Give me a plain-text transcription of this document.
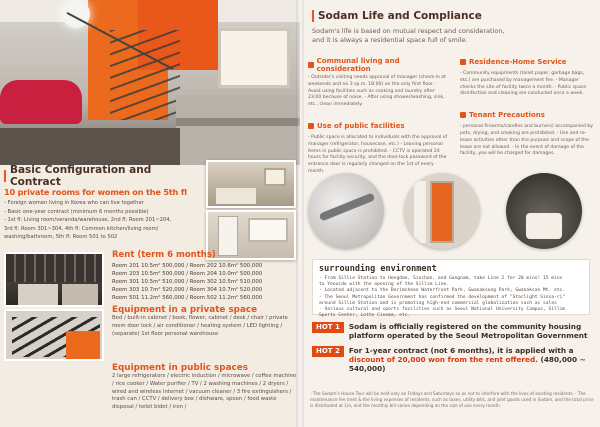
Basic Configuration and Contract
10 private rooms for women on the 5th fl
- Foreign women living in Korea who can live together
- Basic one-year contract (minimum 6 months possible)
- 1st fl: Living room/veranda/warehouse, 2nd fl: Room 201~204,
3rd fl: Room 301~304, 4th fl: Common kitchen/living room/
washing/bathroom, 5th fl: Room 501 to 502
Rent (term 6 months)
Room 201 10.5m² 500,000 / Room 202 10.6m² 500,000
Room 203 10.5m² 500,000 / Room 204 10.0m² 500,000
Room 301 10.5m² 510,000 / Room 302 10.5m² 510,000
Room 303 10.7m² 520,000 / Room 304 10.7m² 520,000
Room 501 11.2m² 560,000 / Room 502 11.2m² 560,000
Equipment in a private space
Bed / built-in cabinet / book, flower, cabinet / desk / chair / private room door lock / air conditioner / heating system / LED lighting / (separate) 1st floor personal warehouse
Equipment in public spaces
2 large refrigerators / electric induction / microwave / coffee machine / rice cooker / Water purifier / TV / 2 washing machines / 2 dryers / wired and wireless Internet / vacuum cleaner / 3 fire extinguishers / trash can / CCTV / delivery box / dishware, spoon / food waste disposal / toilet bidet / iron /
Sodam Life and Compliance
Sodam's life is based on mutual respect and consideration, and it is always a residential space full of smile.
Communal living and consideration
- Outsider's visiting needs approval of manager (check-in at weekends and no 3 sp.m. 18:00) on the only first floor. - Avoid using facilities such as cooking and laundry after 23:00 because of noise. - After using shower/washing, sink, etc., clean immediately.
Use of public facilities
- Public space is allocated to individuals with the approval of manager (refrigerator, housecase, etc.) - Leaving personal items in public space is prohibited. - CCTV is operated 24 hours for facility security, and the door-lock password of the entrance door is regularly changed on the 1st of every month.
Residence-Home Service
- Community equipments (toilet paper, garbage bags, etc.) are purchased by management fee. - Manager checks the site of facility twice a month. - Public space disinfection and cleaning are conducted once a week.
Tenant Precautions
- personal firearms/candles and burners) accompanied by pets, drying, and smoking are prohibited. - Use and re-lease activities other than the purpose and scope of the lease are not allowed. - In the event of damage of the facility, you will be charged for damages.
surrounding environment
- From Sillie Station to Hongdae, Sinchon, and Gangnam, take Line 2 for 20 mins! 15 mins
to Yeouido with the opening of the Sillim Line.
- Located adjacent to the Dorimcheon Waterfront Park, Gwanaksong Park, Gwanaksan Mt. etc.
- The Seoul Metropolitan Government has confirmed the development of "Starlight Sinsa-ri"
around Sillim Station and is promoting high-end commercial globalization such as sales
- Various cultural and sports facilities such as Seoul National University Campus, Sillim
Sports Center, Lotte Cinema, etc.
HOT 1	Sodam is officially registered on the community housing platform operated by the Seoul Metropolitan Government
HOT 2	For 1-year contract (not 6 months), it is applied with a discount of 20,000 won from the rent offered. (480,000 ~ 540,000)
- The Sodam's House Tour will be held only on Fridays and Saturdays so as not to interfere with the lives of existing residents. - The maintenance fee (rent & the living expenses of residents, such as taxes, utility bills, and joint goods used in Sodam, and the total price is distributed at 1/n, and the monthly bill varies depending on the size of use every month.
